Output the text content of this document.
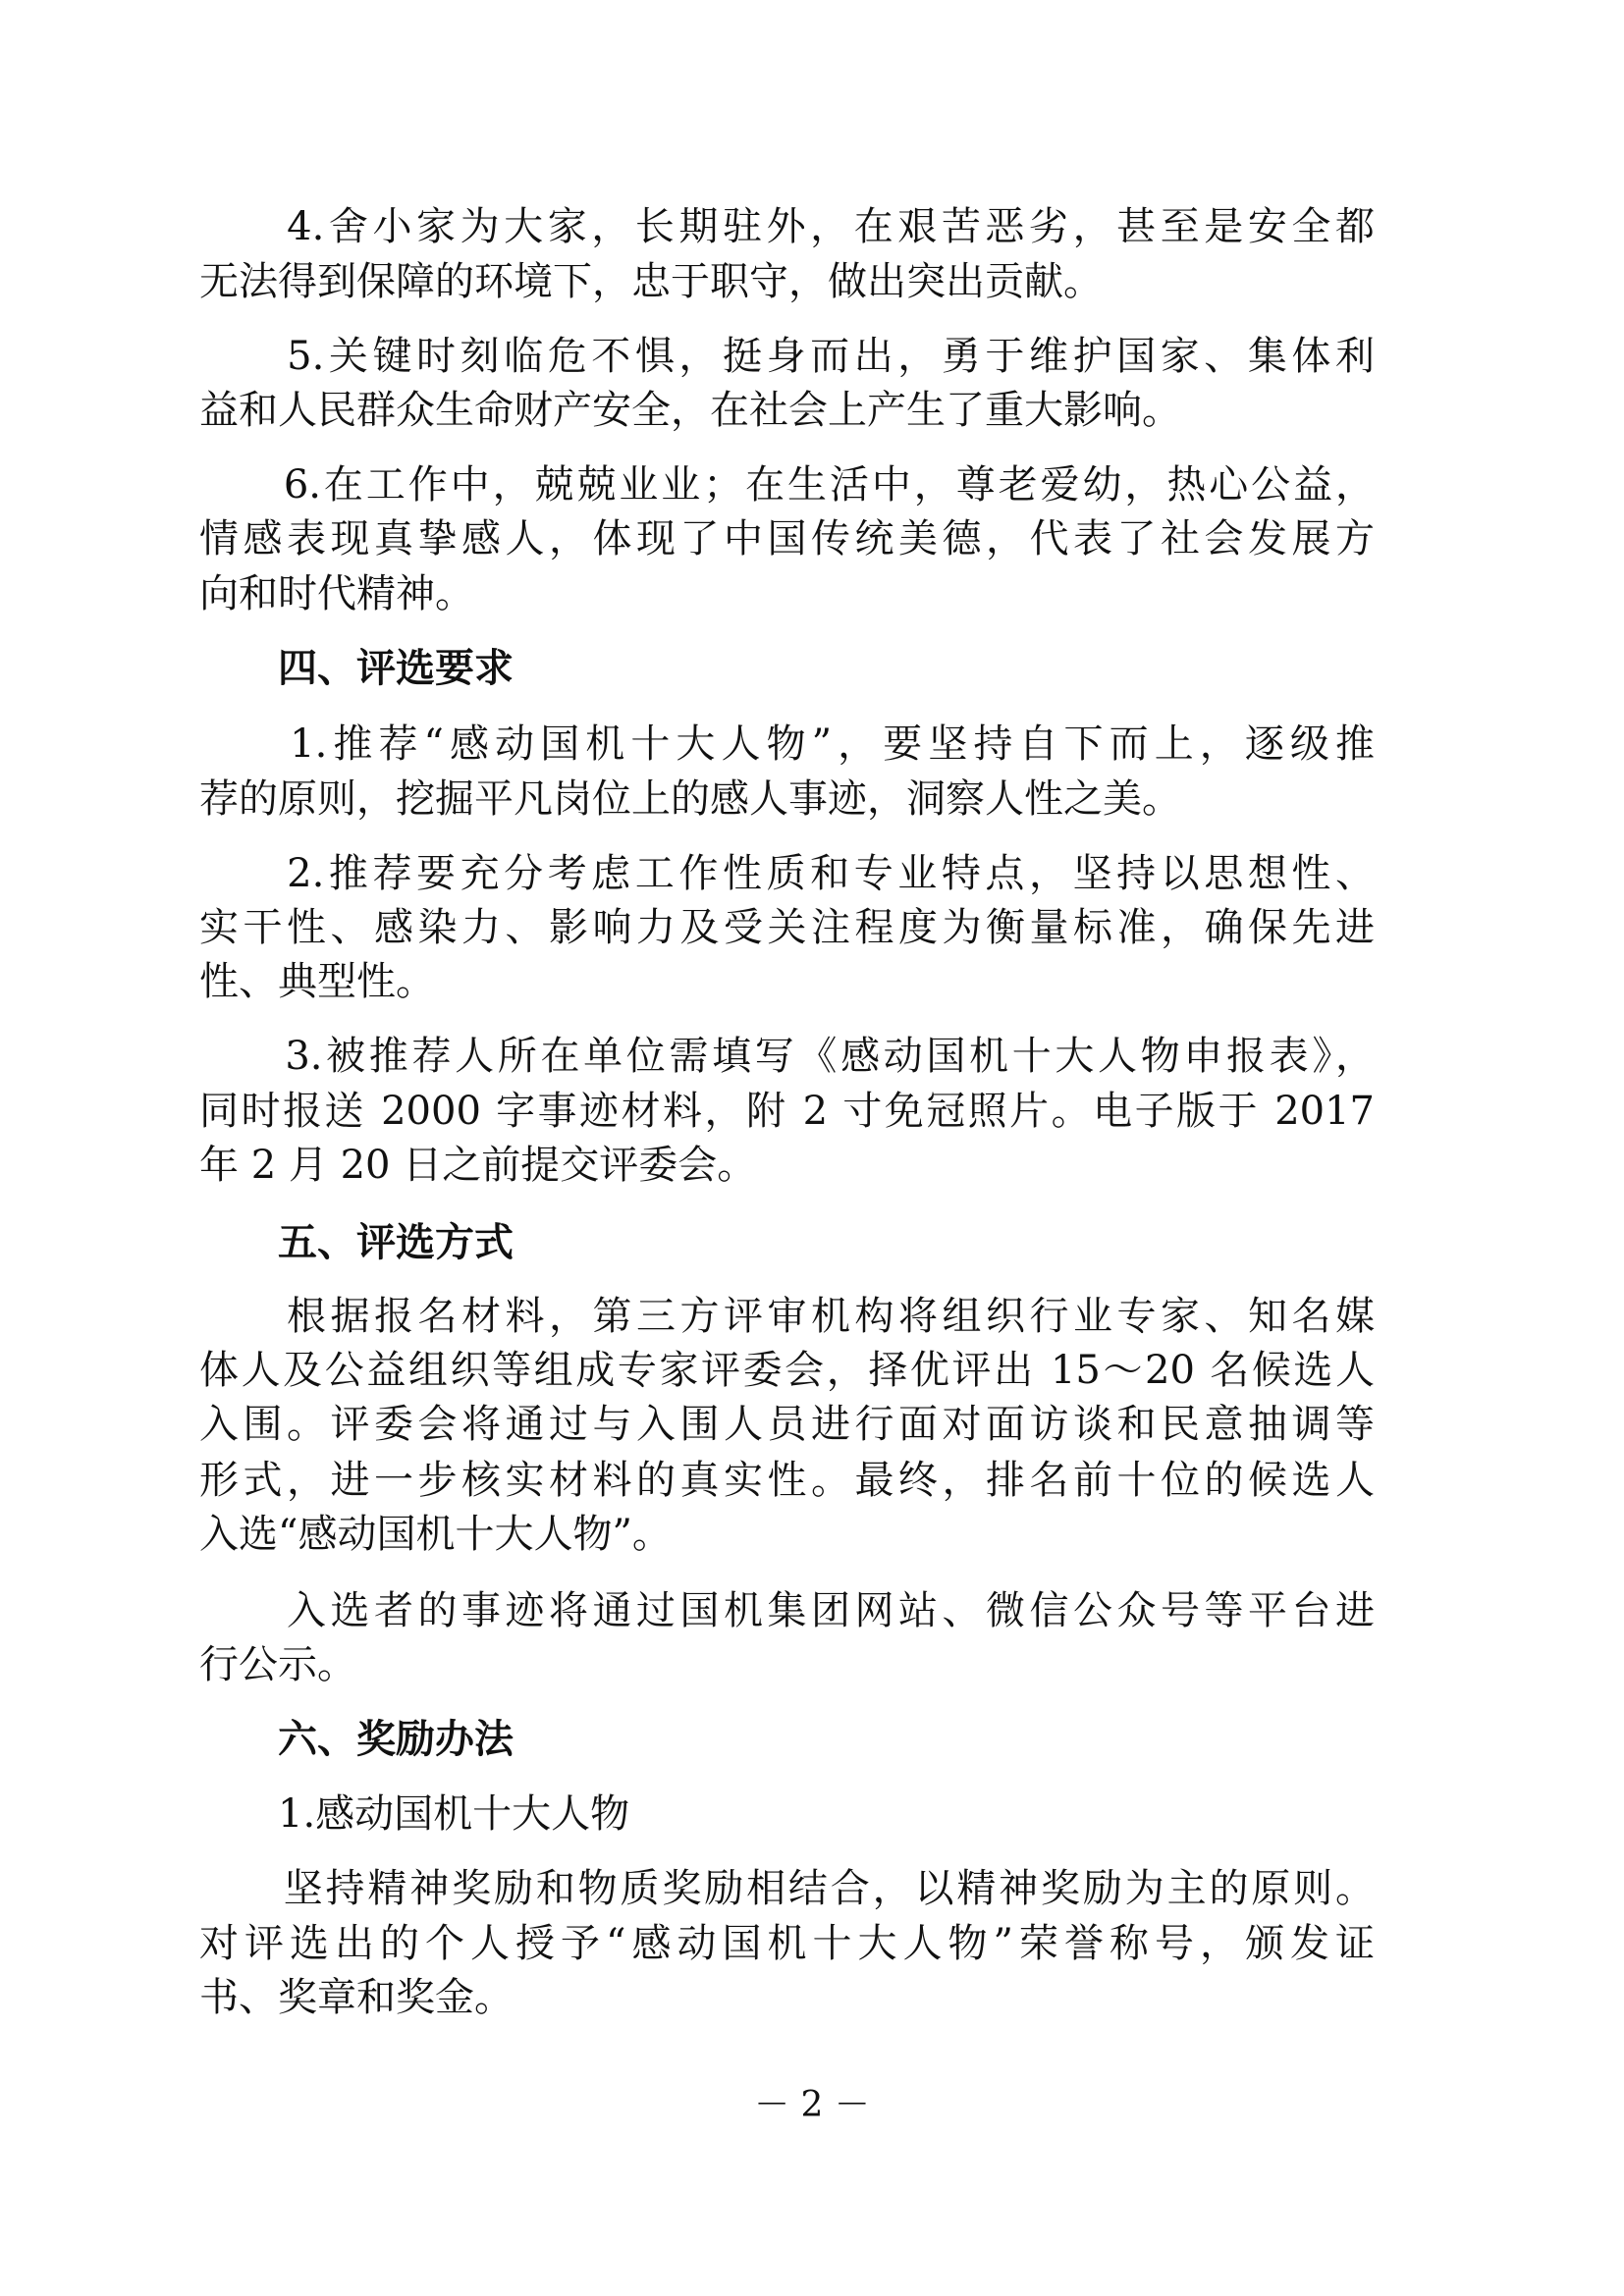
　　4.舍小家为大家，长期驻外，在艰苦恶劣，甚至是安全都
无法得到保障的环境下，忠于职守，做出突出贡献。
　　5.关键时刻临危不惧，挺身而出，勇于维护国家、集体利
益和人民群众生命财产安全，在社会上产生了重大影响。
　　6.在工作中，兢兢业业；在生活中，尊老爱幼，热心公益，
情感表现真挚感人，体现了中国传统美德，代表了社会发展方
向和时代精神。
　　四、评选要求
　　1.推荐“感动国机十大人物”，要坚持自下而上，逐级推
荐的原则，挖掘平凡岗位上的感人事迹，洞察人性之美。
　　2.推荐要充分考虑工作性质和专业特点，坚持以思想性、
实干性、感染力、影响力及受关注程度为衡量标准，确保先进
性、典型性。
　　3.被推荐人所在单位需填写《感动国机十大人物申报表》，
同时报送 2000 字事迹材料，附 2 寸免冠照片。电子版于 2017
年 2 月 20 日之前提交评委会。
　　五、评选方式
　　根据报名材料，第三方评审机构将组织行业专家、知名媒
体人及公益组织等组成专家评委会，择优评出 15～20 名候选人
入围。评委会将通过与入围人员进行面对面访谈和民意抽调等
形式，进一步核实材料的真实性。最终，排名前十位的候选人
入选“感动国机十大人物”。
　　入选者的事迹将通过国机集团网站、微信公众号等平台进
行公示。
　　六、奖励办法
　　1.感动国机十大人物
　　坚持精神奖励和物质奖励相结合，以精神奖励为主的原则。
对评选出的个人授予“感动国机十大人物”荣誉称号，颁发证
书、奖章和奖金。
－ 2 －
